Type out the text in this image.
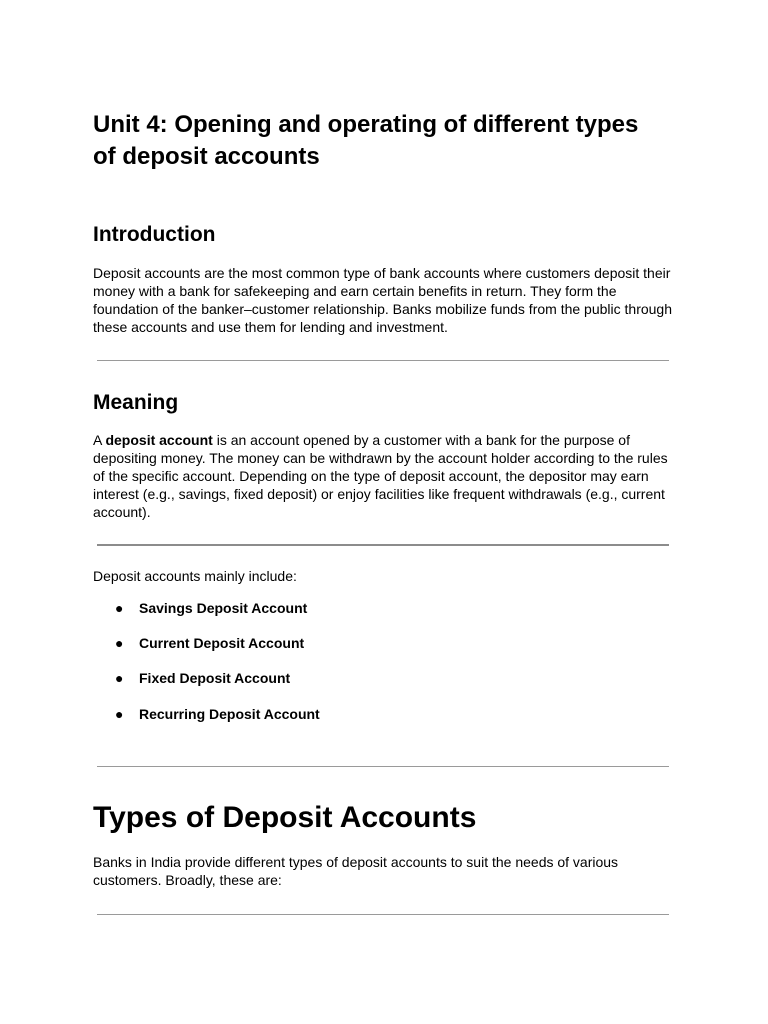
Unit 4: Opening and operating of different types of deposit accounts
Introduction

Deposit accounts are the most common type of bank accounts where customers deposit their money with a bank for safekeeping and earn certain benefits in return. They form the foundation of the banker–customer relationship. Banks mobilize funds from the public through these accounts and use them for lending and investment.

Meaning

A deposit account is an account opened by a customer with a bank for the purpose of depositing money. The money can be withdrawn by the account holder according to the rules of the specific account. Depending on the type of deposit account, the depositor may earn interest (e.g., savings, fixed deposit) or enjoy facilities like frequent withdrawals (e.g., current account).

Deposit accounts mainly include:

● Savings Deposit Account
● Current Deposit Account
● Fixed Deposit Account
● Recurring Deposit Account
Types of Deposit Accounts

Banks in India provide different types of deposit accounts to suit the needs of various customers. Broadly, these are:
